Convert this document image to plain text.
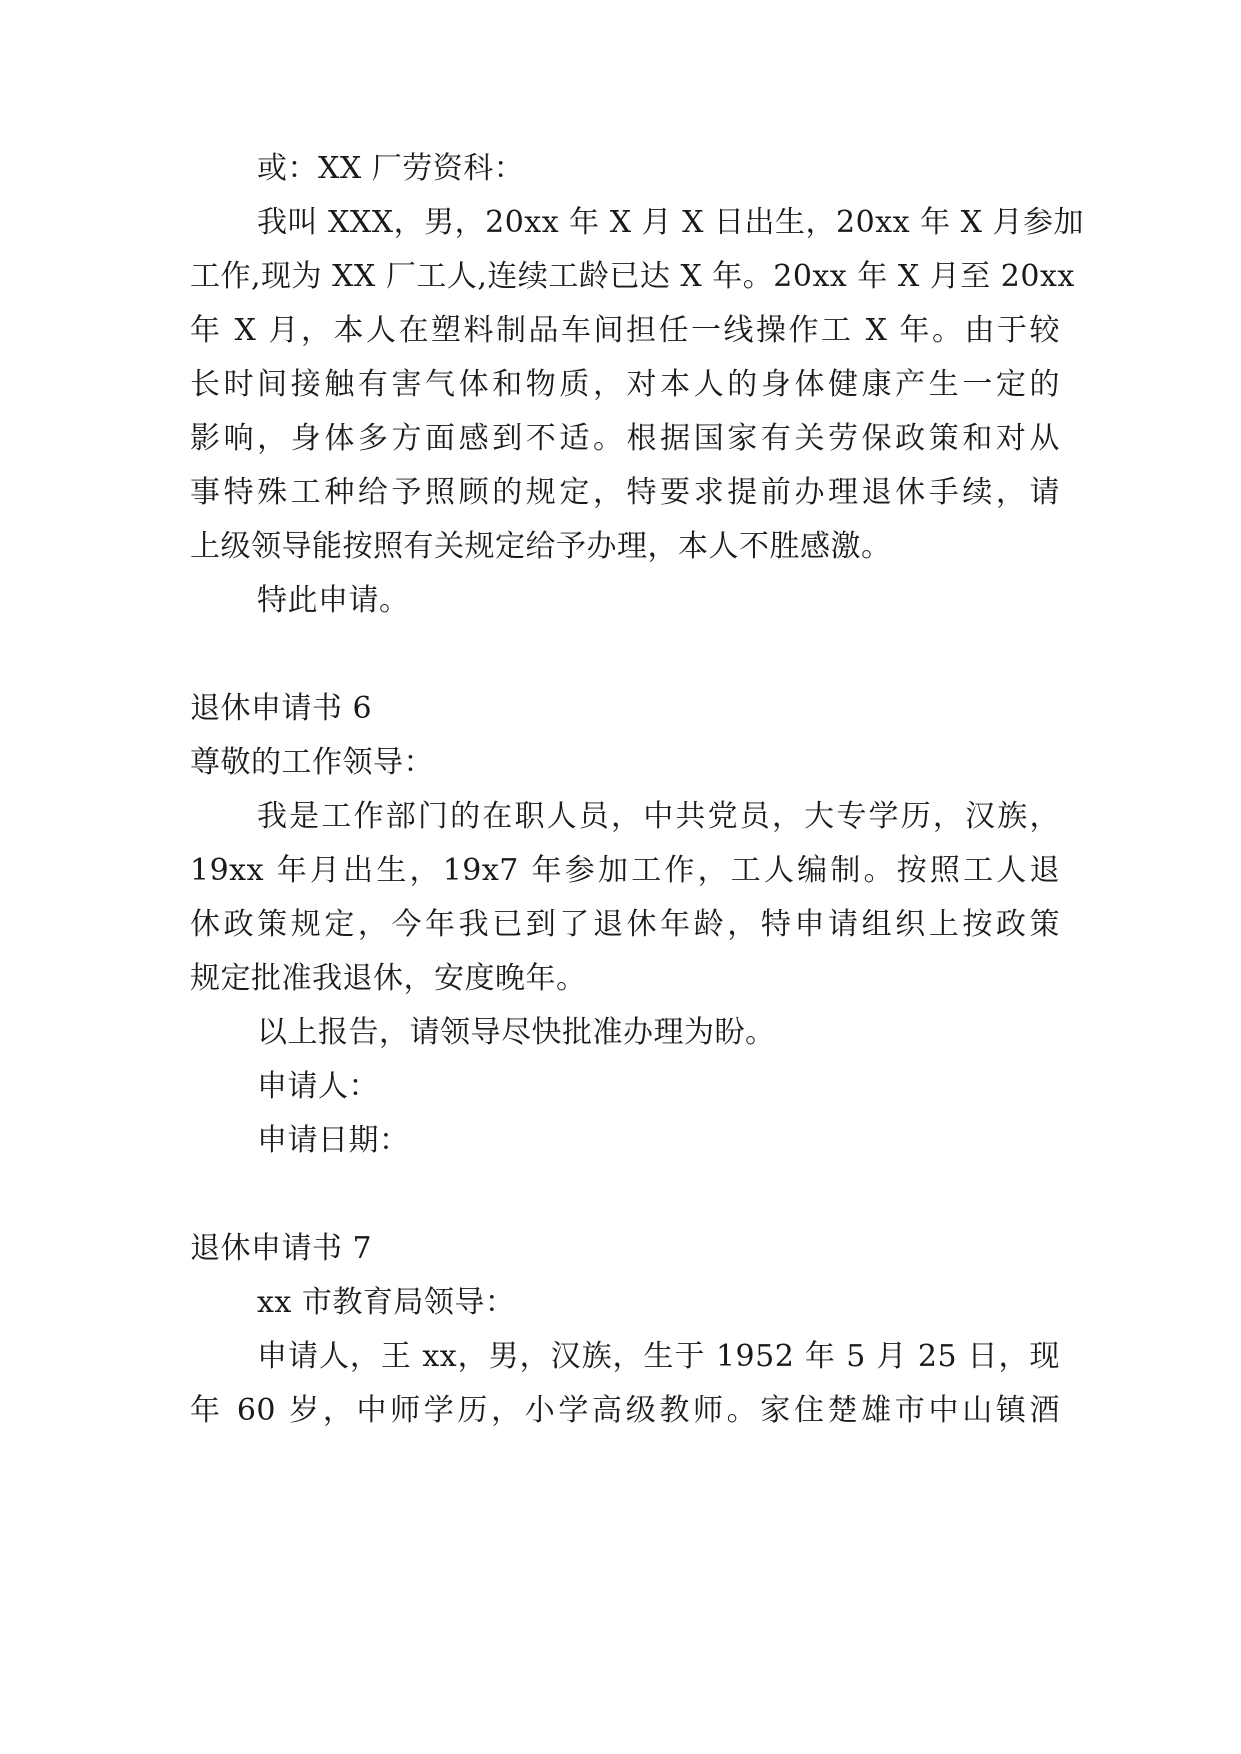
或：XX 厂劳资科：
我叫 XXX，男，20xx 年 X 月 X 日出生，20xx 年 X 月参加
工作,现为 XX 厂工人,连续工龄已达 X 年。20xx 年 X 月至 20xx
年 X 月，本人在塑料制品车间担任一线操作工 X 年。由于较
长时间接触有害气体和物质，对本人的身体健康产生一定的
影响，身体多方面感到不适。根据国家有关劳保政策和对从
事特殊工种给予照顾的规定，特要求提前办理退休手续，请
上级领导能按照有关规定给予办理，本人不胜感激。
特此申请。
退休申请书 6
尊敬的工作领导：
我是工作部门的在职人员，中共党员，大专学历，汉族，
19xx 年月出生，19x7 年参加工作，工人编制。按照工人退
休政策规定，今年我已到了退休年龄，特申请组织上按政策
规定批准我退休，安度晚年。
以上报告，请领导尽快批准办理为盼。
申请人：
申请日期：
退休申请书 7
xx 市教育局领导：
申请人，王 xx，男，汉族，生于 1952 年 5 月 25 日，现
年 60 岁，中师学历，小学高级教师。家住楚雄市中山镇酒
